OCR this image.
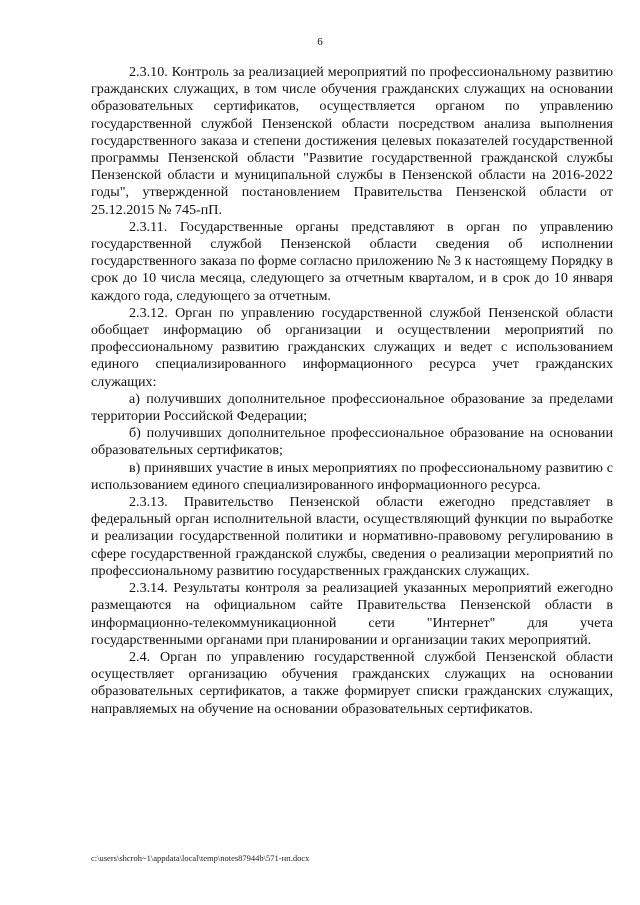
6

2.3.10. Контроль за реализацией мероприятий по профессиональному развитию гражданских служащих, в том числе обучения гражданских служащих на основании образовательных сертификатов, осуществляется органом по управлению государственной службой Пензенской области посредством анализа выполнения государственного заказа и степени достижения целевых показателей государственной программы Пензенской области "Развитие государственной гражданской службы Пензенской области и муниципальной службы в Пензенской области на 2016-2022 годы", утвержденной постановлением Правительства Пензенской области от 25.12.2015 № 745-пП.

2.3.11. Государственные органы представляют в орган по управлению государственной службой Пензенской области сведения об исполнении государственного заказа по форме согласно приложению № 3 к настоящему Порядку в срок до 10 числа месяца, следующего за отчетным кварталом, и в срок до 10 января каждого года, следующего за отчетным.

2.3.12. Орган по управлению государственной службой Пензенской области обобщает информацию об организации и осуществлении мероприятий по профессиональному развитию гражданских служащих и ведет с использованием единого специализированного информационного ресурса учет гражданских служащих:

а) получивших дополнительное профессиональное образование за пределами территории Российской Федерации;

б) получивших дополнительное профессиональное образование на основании образовательных сертификатов;

в) принявших участие в иных мероприятиях по профессиональному развитию с использованием единого специализированного информационного ресурса.

2.3.13. Правительство Пензенской области ежегодно представляет в федеральный орган исполнительной власти, осуществляющий функции по выработке и реализации государственной политики и нормативно-правовому регулированию в сфере государственной гражданской службы, сведения о реализации мероприятий по профессиональному развитию государственных гражданских служащих.

2.3.14. Результаты контроля за реализацией указанных мероприятий ежегодно размещаются на официальном сайте Правительства Пензенской области в информационно-телекоммуникационной сети "Интернет" для учета государственными органами при планировании и организации таких мероприятий.

2.4. Орган по управлению государственной службой Пензенской области осуществляет организацию обучения гражданских служащих на основании образовательных сертификатов, а также формирует списки гражданских служащих, направляемых на обучение на основании образовательных сертификатов.

c:\users\shcroh~1\appdata\local\temp\notes87944b\571-нп.docx
